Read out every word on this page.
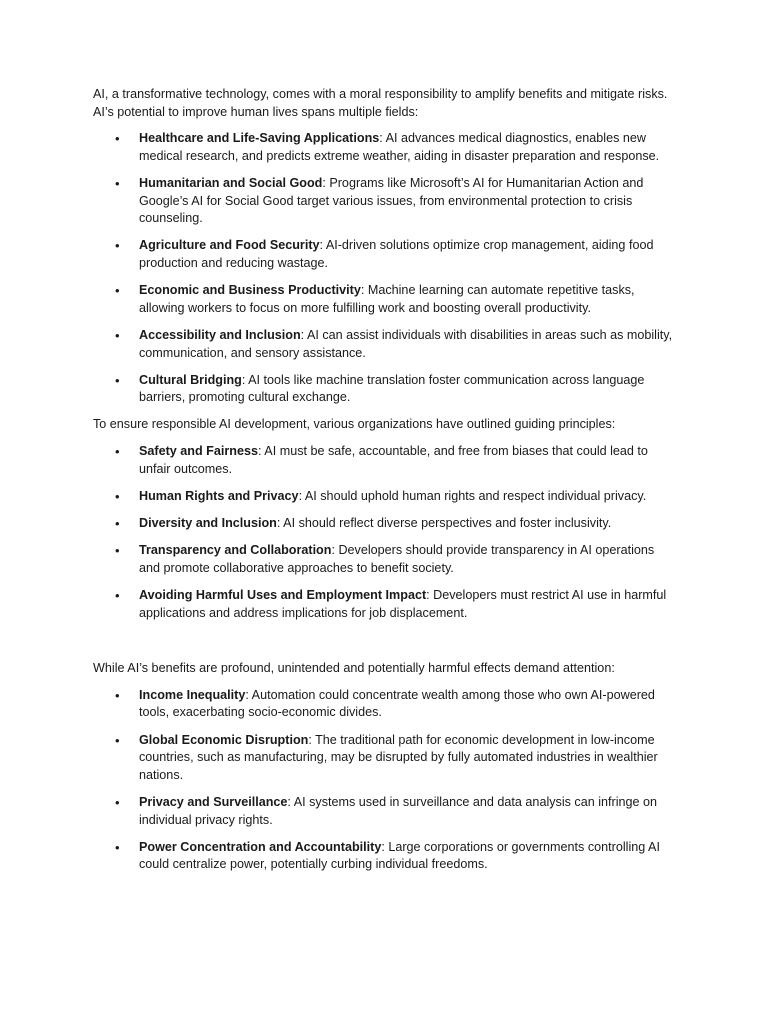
AI, a transformative technology, comes with a moral responsibility to amplify benefits and mitigate risks. AI’s potential to improve human lives spans multiple fields:

• Healthcare and Life-Saving Applications: AI advances medical diagnostics, enables new medical research, and predicts extreme weather, aiding in disaster preparation and response.
• Humanitarian and Social Good: Programs like Microsoft’s AI for Humanitarian Action and Google’s AI for Social Good target various issues, from environmental protection to crisis counseling.
• Agriculture and Food Security: AI-driven solutions optimize crop management, aiding food production and reducing wastage.
• Economic and Business Productivity: Machine learning can automate repetitive tasks, allowing workers to focus on more fulfilling work and boosting overall productivity.
• Accessibility and Inclusion: AI can assist individuals with disabilities in areas such as mobility, communication, and sensory assistance.
• Cultural Bridging: AI tools like machine translation foster communication across language barriers, promoting cultural exchange.

To ensure responsible AI development, various organizations have outlined guiding principles:

• Safety and Fairness: AI must be safe, accountable, and free from biases that could lead to unfair outcomes.
• Human Rights and Privacy: AI should uphold human rights and respect individual privacy.
• Diversity and Inclusion: AI should reflect diverse perspectives and foster inclusivity.
• Transparency and Collaboration: Developers should provide transparency in AI operations and promote collaborative approaches to benefit society.
• Avoiding Harmful Uses and Employment Impact: Developers must restrict AI use in harmful applications and address implications for job displacement.

While AI’s benefits are profound, unintended and potentially harmful effects demand attention:

• Income Inequality: Automation could concentrate wealth among those who own AI-powered tools, exacerbating socio-economic divides.
• Global Economic Disruption: The traditional path for economic development in low-income countries, such as manufacturing, may be disrupted by fully automated industries in wealthier nations.
• Privacy and Surveillance: AI systems used in surveillance and data analysis can infringe on individual privacy rights.
• Power Concentration and Accountability: Large corporations or governments controlling AI could centralize power, potentially curbing individual freedoms.
